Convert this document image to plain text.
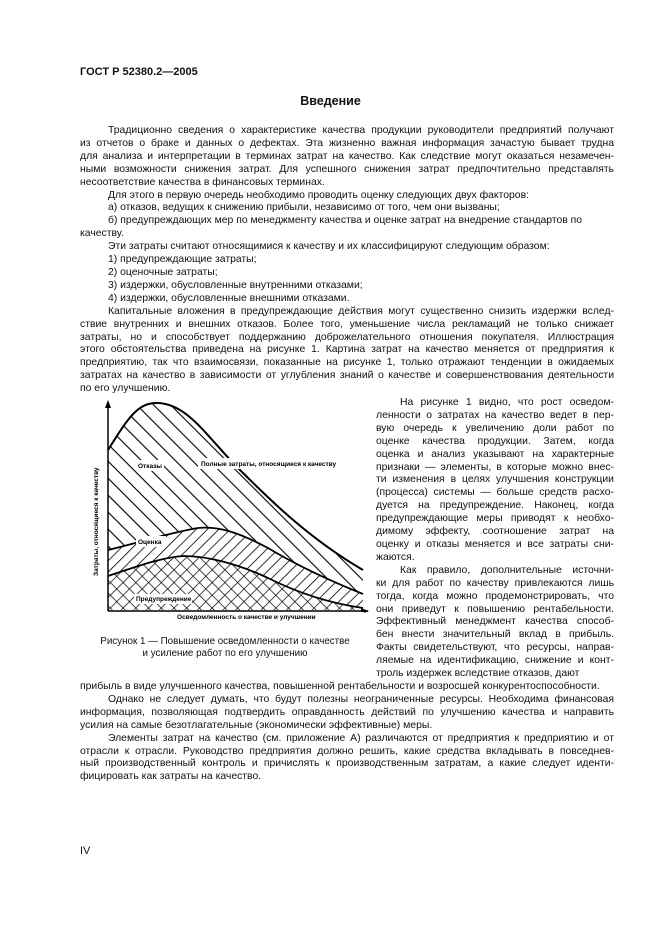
ГОСТ Р 52380.2—2005
Введение
Традиционно сведения о характеристике качества продукции руководители предприятий получают
из отчетов о браке и данных о дефектах. Эта жизненно важная информация зачастую бывает трудна
для анализа и интерпретации в терминах затрат на качество. Как следствие могут оказаться незамечен-
ными возможности снижения затрат. Для успешного снижения затрат предпочтительно представлять
несоответствие качества в финансовых терминах.
Для этого в первую очередь необходимо проводить оценку следующих двух факторов:
а) отказов, ведущих к снижению прибыли, независимо от того, чем они вызваны;
б) предупреждающих мер по менеджменту качества и оценке затрат на внедрение стандартов по
качеству.
Эти затраты считают относящимися к качеству и их классифицируют следующим образом:
1) предупреждающие затраты;
2) оценочные затраты;
3) издержки, обусловленные внутренними отказами;
4) издержки, обусловленные внешними отказами.
Капитальные вложения в предупреждающие действия могут существенно снизить издержки вслед-
ствие внутренних и внешних отказов. Более того, уменьшение числа рекламаций не только снижает
затраты, но и способствует поддержанию доброжелательного отношения покупателя. Иллюстрация
этого обстоятельства приведена на рисунке 1. Картина затрат на качество меняется от предприятия к
предприятию, так что взаимосвязи, показанные на рисунке 1, только отражают тенденции в ожидаемых
затратах на качество в зависимости от углубления знаний о качестве и совершенствования деятельности
по его улучшению.
Отказы	Полные затраты, относящиеся к качеству
Оценка
Предупреждение
Осведомленность о качестве и улучшении
Затраты, относящиеся к качеству
Рисунок 1 — Повышение осведомленности о качестве
и усиление работ по его улучшению
На рисунке 1 видно, что рост осведом-
ленности о затратах на качество ведет в пер-
вую очередь к увеличению доли работ по
оценке качества продукции. Затем, когда
оценка и анализ указывают на характерные
признаки — элементы, в которые можно внес-
ти изменения в целях улучшения конструкции
(процесса) системы — больше средств расхо-
дуется на предупреждение. Наконец, когда
предупреждающие меры приводят к необхо-
димому эффекту, соотношение затрат на
оценку и отказы меняется и все затраты сни-
жаются.
Как правило, дополнительные источни-
ки для работ по качеству привлекаются лишь
тогда, когда можно продемонстрировать, что
они приведут к повышению рентабельности.
Эффективный менеджмент качества способ-
бен внести значительный вклад в прибыль.
Факты свидетельствуют, что ресурсы, направ-
ляемые на идентификацию, снижение и конт-
троль издержек вследствие отказов, дают
прибыль в виде улучшенного качества, повышенной рентабельности и возросшей конкурентоспособности.
Однако не следует думать, что будут полезны неограниченные ресурсы. Необходима финансовая
информация, позволяющая подтвердить оправданность действий по улучшению качества и направить
усилия на самые безотлагательные (экономически эффективные) меры.
Элементы затрат на качество (см. приложение А) различаются от предприятия к предприятию и от
отрасли к отрасли. Руководство предприятия должно решить, какие средства вкладывать в повседнев-
ный производственный контроль и причислять к производственным затратам, а какие следует иденти-
фицировать как затраты на качество.
IV
